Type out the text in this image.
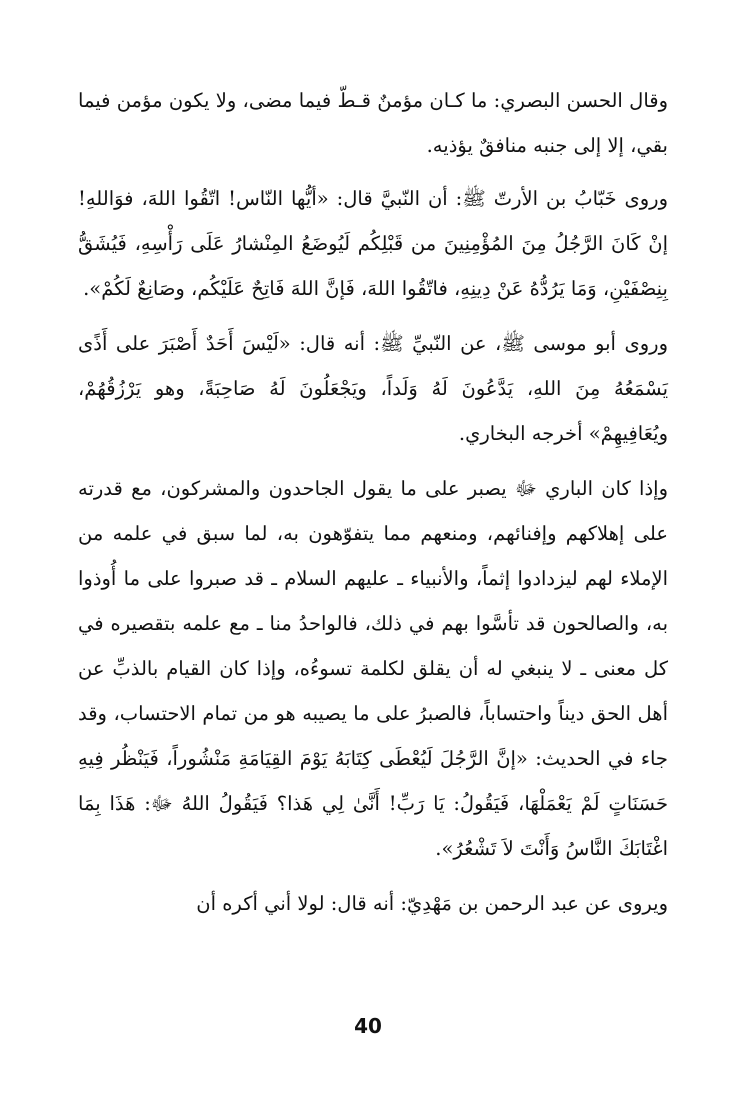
وقال الحسن البصري: ما كـان مؤمنٌ قـطّ فيما مضى، ولا يكون مؤمن فيما بقي، إلا إلى جنبه منافقٌ يؤذيه.

وروى خَبّابُ بن الأرتّ ﷺ: أن النّبيَّ قال: «أيُّها النّاس! اتّقُوا اللهَ، فوَاللهِ! إنْ كَانَ الرَّجُلُ مِنَ المُؤْمِنِينَ من قَبْلِكُم لَيُوضَعُ المِنْشارُ عَلَى رَأْسِهِ، فَيُشَقُّ بِنِصْفَيْنِ، وَمَا يَرُدُّهُ عَنْ دِينِهِ، فاتّقُوا اللهَ، فَإنَّ اللهَ فَاتِحٌ عَلَيْكُم، وصَانِعٌ لَكُمْ».

وروى أبو موسى ﷺ، عن النّبيِّ ﷺ: أنه قال: «لَيْسَ أَحَدٌ أَصْبَرَ على أَذًى يَسْمَعُهُ مِنَ اللهِ، يَدَّعُونَ لَهُ وَلَداً، ويَجْعَلُونَ لَهُ صَاحِبَةً، وهو يَرْزُقُهُمْ، ويُعَافِيهِمْ» أخرجه البخاري.

وإذا كان الباري ﷻ يصبر على ما يقول الجاحدون والمشركون، مع قدرته على إهلاكهم وإفنائهم، ومنعهم مما يتفوّهون به، لما سبق في علمه من الإملاء لهم ليزدادوا إثماً، والأنبياء ـ عليهم السلام ـ قد صبروا على ما أُوذوا به، والصالحون قد تأسَّوا بهم في ذلك، فالواحدُ منا ـ مع علمه بتقصيره في كل معنى ـ لا ينبغي له أن يقلق لكلمة تسوءُه، وإذا كان القيام بالذبِّ عن أهل الحق ديناً واحتساباً، فالصبرُ على ما يصيبه هو من تمام الاحتساب، وقد جاء في الحديث: «إنَّ الرَّجُلَ لَيُعْطَى كِتَابَهُ يَوْمَ القِيَامَةِ مَنْشُوراً، فَيَنْظُر فِيهِ حَسَنَاتٍ لَمْ يَعْمَلْهَا، فَيَقُولُ: يَا رَبِّ! أَنَّىٰ لِي هَذا؟ فَيَقُولُ اللهُ ﷻ: هَذَا بِمَا اغْتَابَكَ النَّاسُ وَأَنْتَ لاَ تَشْعُرُ».

ويروى عن عبد الرحمن بن مَهْدِيّ: أنه قال: لولا أني أكره أن

40
